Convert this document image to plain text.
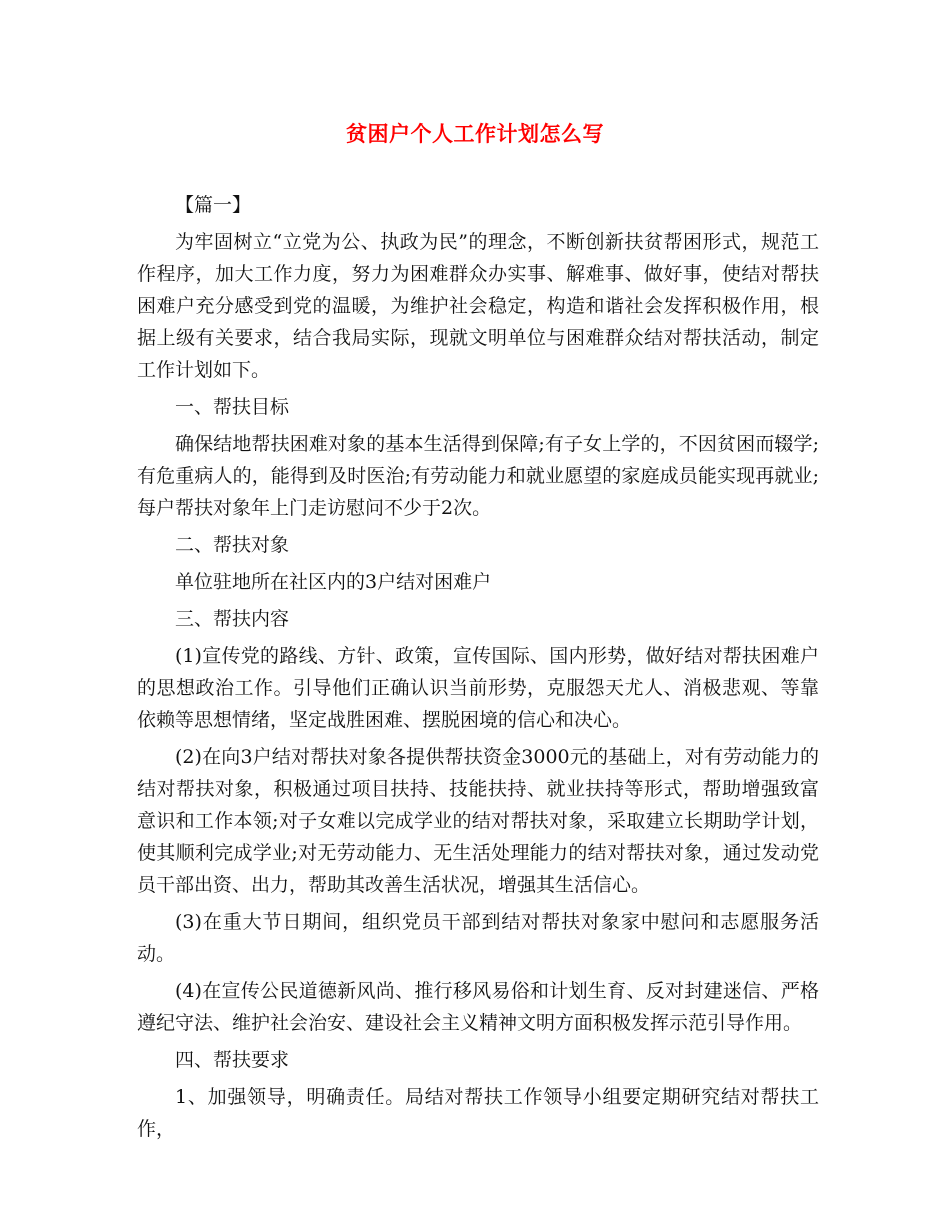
贫困户个人工作计划怎么写

【篇一】

为牢固树立“立党为公、执政为民”的理念，不断创新扶贫帮困形式，规范工作程序，加大工作力度，努力为困难群众办实事、解难事、做好事，使结对帮扶困难户充分感受到党的温暖，为维护社会稳定，构造和谐社会发挥积极作用，根据上级有关要求，结合我局实际，现就文明单位与困难群众结对帮扶活动，制定工作计划如下。

一、帮扶目标

确保结地帮扶困难对象的基本生活得到保障;有子女上学的，不因贫困而辍学;有危重病人的，能得到及时医治;有劳动能力和就业愿望的家庭成员能实现再就业;每户帮扶对象年上门走访慰问不少于2次。

二、帮扶对象

单位驻地所在社区内的3户结对困难户

三、帮扶内容

(1)宣传党的路线、方针、政策，宣传国际、国内形势，做好结对帮扶困难户的思想政治工作。引导他们正确认识当前形势，克服怨天尤人、消极悲观、等靠依赖等思想情绪，坚定战胜困难、摆脱困境的信心和决心。

(2)在向3户结对帮扶对象各提供帮扶资金3000元的基础上，对有劳动能力的结对帮扶对象，积极通过项目扶持、技能扶持、就业扶持等形式，帮助增强致富意识和工作本领;对子女难以完成学业的结对帮扶对象，采取建立长期助学计划，使其顺利完成学业;对无劳动能力、无生活处理能力的结对帮扶对象，通过发动党员干部出资、出力，帮助其改善生活状况，增强其生活信心。

(3)在重大节日期间，组织党员干部到结对帮扶对象家中慰问和志愿服务活动。

(4)在宣传公民道德新风尚、推行移风易俗和计划生育、反对封建迷信、严格遵纪守法、维护社会治安、建设社会主义精神文明方面积极发挥示范引导作用。

四、帮扶要求

1、加强领导，明确责任。局结对帮扶工作领导小组要定期研究结对帮扶工作，
